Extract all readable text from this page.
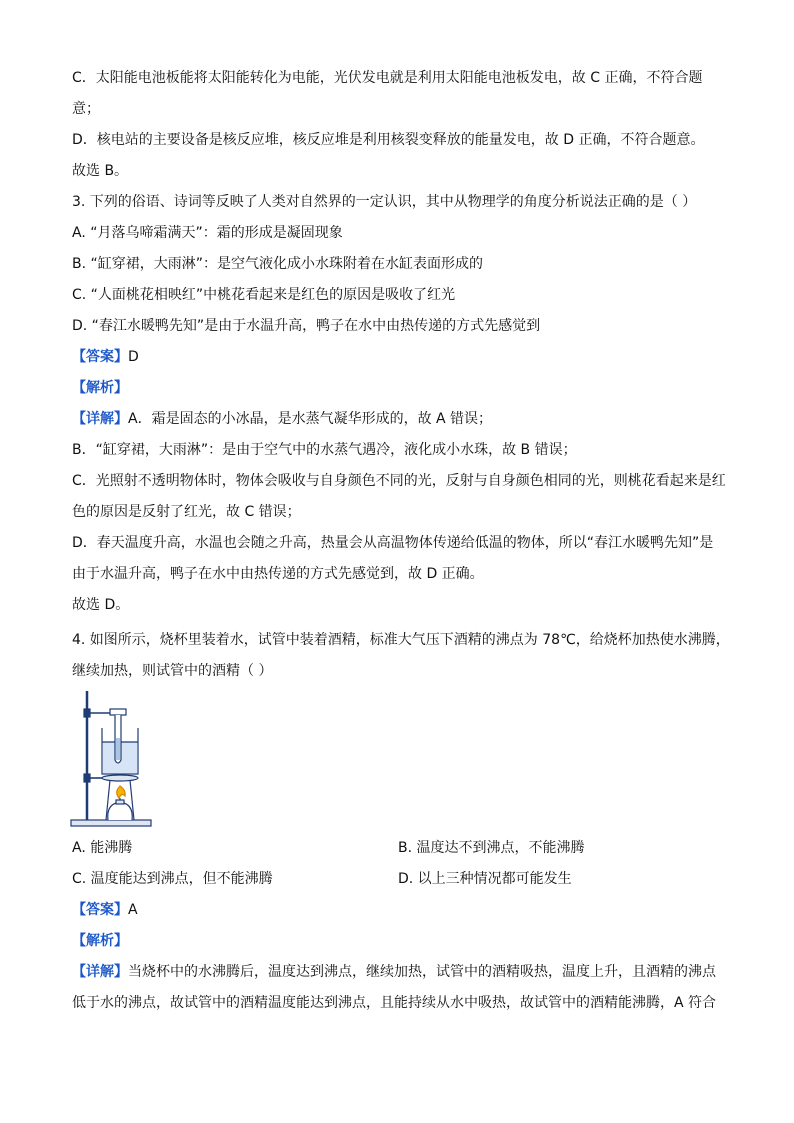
C．太阳能电池板能将太阳能转化为电能，光伏发电就是利用太阳能电池板发电，故 C 正确，不符合题
意；
D．核电站的主要设备是核反应堆，核反应堆是利用核裂变释放的能量发电，故 D 正确，不符合题意。
故选 B。
3. 下列的俗语、诗词等反映了人类对自然界的一定认识，其中从物理学的角度分析说法正确的是（ ）
A. “月落乌啼霜满天”：霜的形成是凝固现象
B. “缸穿裙，大雨淋”：是空气液化成小水珠附着在水缸表面形成的
C. “人面桃花相映红”中桃花看起来是红色的原因是吸收了红光
D. “春江水暖鸭先知”是由于水温升高，鸭子在水中由热传递的方式先感觉到
【答案】D
【解析】
【详解】A．霜是固态的小冰晶，是水蒸气凝华形成的，故 A 错误；
B．“缸穿裙，大雨淋”：是由于空气中的水蒸气遇冷，液化成小水珠，故 B 错误；
C．光照射不透明物体时，物体会吸收与自身颜色不同的光，反射与自身颜色相同的光，则桃花看起来是红
色的原因是反射了红光，故 C 错误；
D．春天温度升高，水温也会随之升高，热量会从高温物体传递给低温的物体，所以“春江水暖鸭先知”是
由于水温升高，鸭子在水中由热传递的方式先感觉到，故 D 正确。
故选 D。
4. 如图所示，烧杯里装着水，试管中装着酒精，标准大气压下酒精的沸点为 78℃，给烧杯加热使水沸腾，
继续加热，则试管中的酒精（ ）
A. 能沸腾	B. 温度达不到沸点，不能沸腾
C. 温度能达到沸点，但不能沸腾	D. 以上三种情况都可能发生
【答案】A
【解析】
【详解】当烧杯中的水沸腾后，温度达到沸点，继续加热，试管中的酒精吸热，温度上升，且酒精的沸点
低于水的沸点，故试管中的酒精温度能达到沸点，且能持续从水中吸热，故试管中的酒精能沸腾，A 符合
